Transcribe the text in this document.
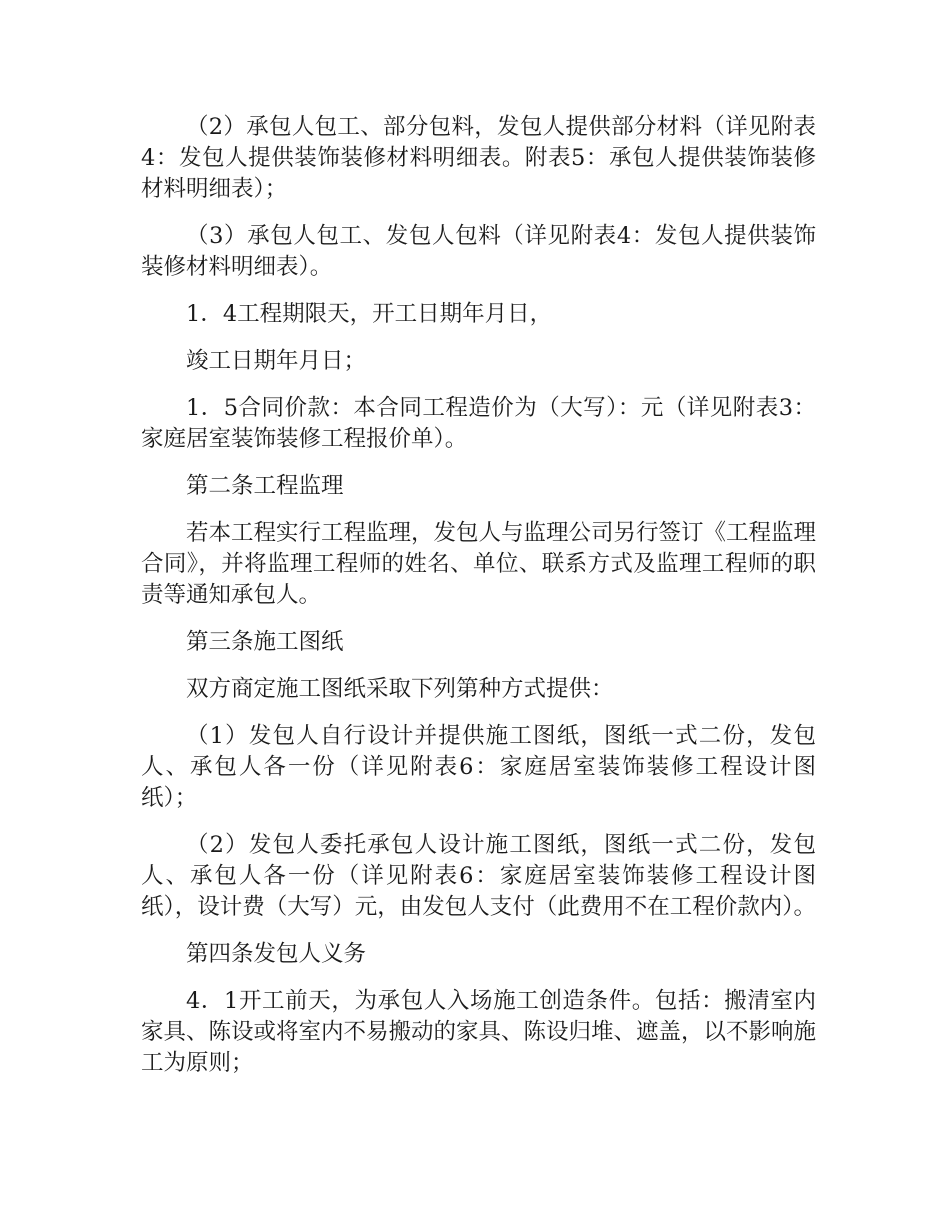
（2）承包人包工、部分包料，发包人提供部分材料（详见附表4：发包人提供装饰装修材料明细表。附表5：承包人提供装饰装修材料明细表）；

（3）承包人包工、发包人包料（详见附表4：发包人提供装饰装修材料明细表）。

1．4工程期限天，开工日期年月日，

竣工日期年月日；

1．5合同价款：本合同工程造价为（大写）：元（详见附表3：家庭居室装饰装修工程报价单）。

第二条工程监理

若本工程实行工程监理，发包人与监理公司另行签订《工程监理合同》，并将监理工程师的姓名、单位、联系方式及监理工程师的职责等通知承包人。

第三条施工图纸

双方商定施工图纸采取下列第种方式提供：

（1）发包人自行设计并提供施工图纸，图纸一式二份，发包人、承包人各一份（详见附表6：家庭居室装饰装修工程设计图纸）；

（2）发包人委托承包人设计施工图纸，图纸一式二份，发包人、承包人各一份（详见附表6：家庭居室装饰装修工程设计图纸），设计费（大写）元，由发包人支付（此费用不在工程价款内）。

第四条发包人义务

4．1开工前天，为承包人入场施工创造条件。包括：搬清室内家具、陈设或将室内不易搬动的家具、陈设归堆、遮盖，以不影响施工为原则；
